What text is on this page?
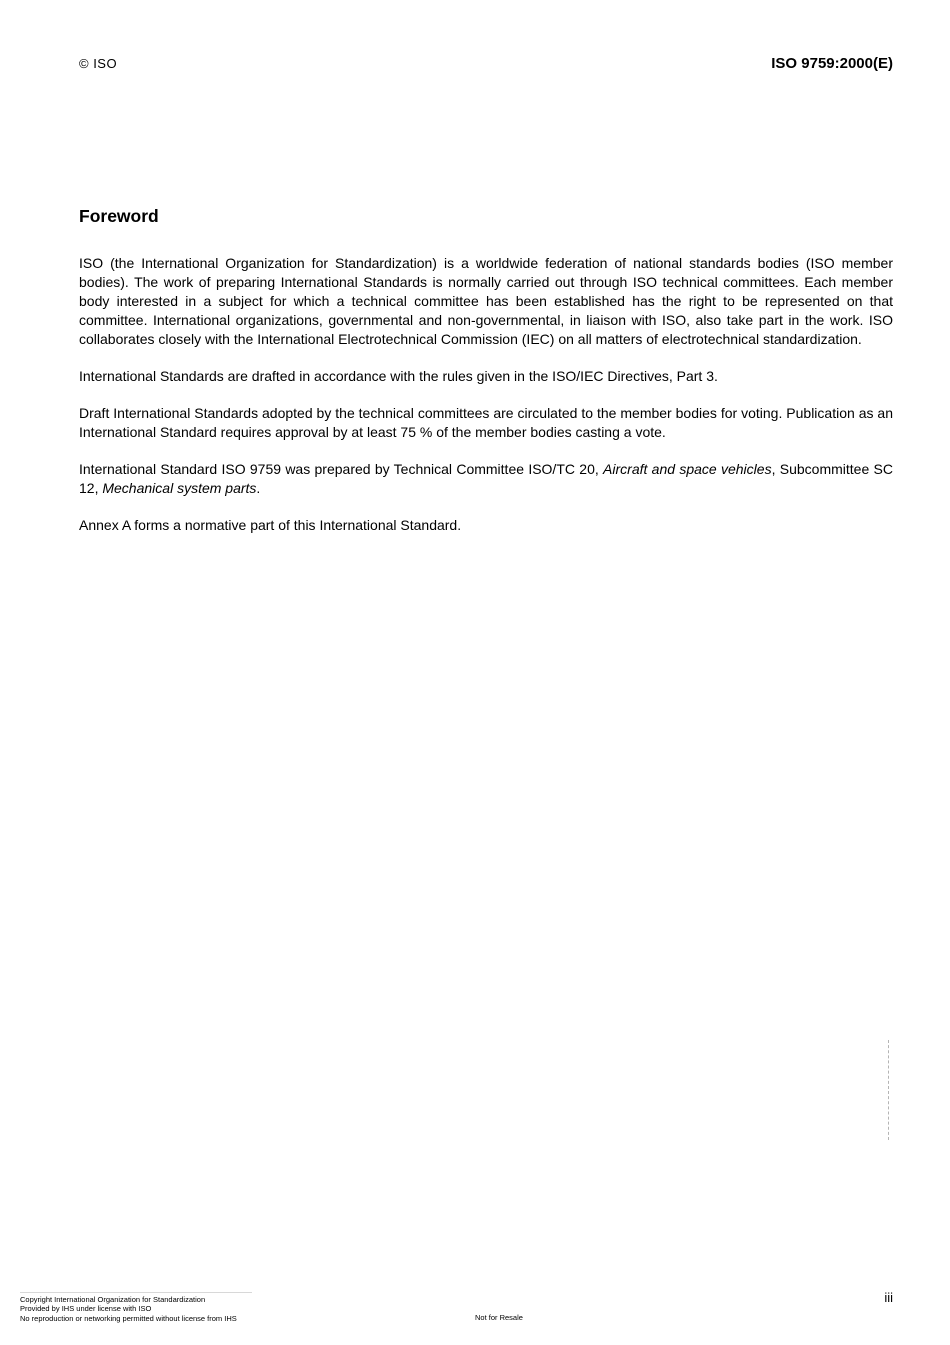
© ISO	ISO 9759:2000(E)
Foreword

ISO (the International Organization for Standardization) is a worldwide federation of national standards bodies (ISO member bodies). The work of preparing International Standards is normally carried out through ISO technical committees. Each member body interested in a subject for which a technical committee has been established has the right to be represented on that committee. International organizations, governmental and non-governmental, in liaison with ISO, also take part in the work. ISO collaborates closely with the International Electrotechnical Commission (IEC) on all matters of electrotechnical standardization.

International Standards are drafted in accordance with the rules given in the ISO/IEC Directives, Part 3.

Draft International Standards adopted by the technical committees are circulated to the member bodies for voting. Publication as an International Standard requires approval by at least 75 % of the member bodies casting a vote.

International Standard ISO 9759 was prepared by Technical Committee ISO/TC 20, Aircraft and space vehicles, Subcommittee SC 12, Mechanical system parts.

Annex A forms a normative part of this International Standard.

Copyright International Organization for Standardization
Provided by IHS under license with ISO
No reproduction or networking permitted without license from IHS	Not for Resale
iii
